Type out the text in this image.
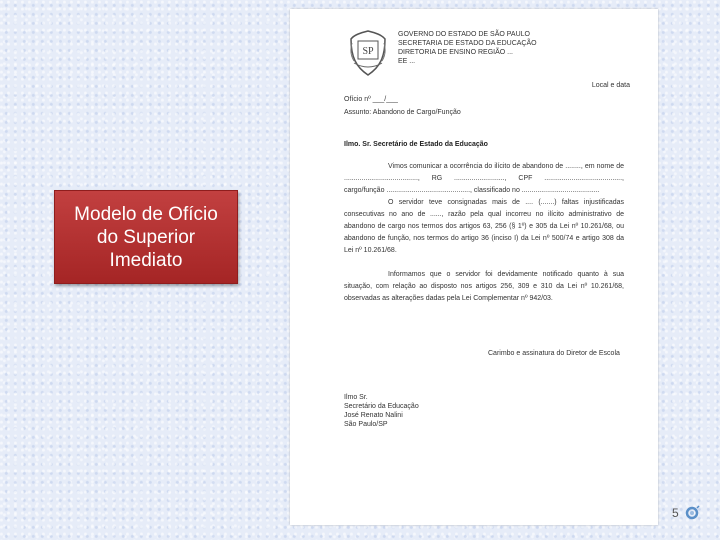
Modelo de Ofício
do Superior
Imediato
SP
GOVERNO DO ESTADO DE SÃO PAULO
SECRETARIA DE ESTADO DA EDUCAÇÃO
DIRETORIA DE ENSINO REGIÃO ...
EE ...
Local e data
Ofício nº ___/___
Assunto: Abandono de Cargo/Função
Ilmo. Sr. Secretário de Estado da Educação
Vimos comunicar a ocorrência do ilícito de abandono de ........, em nome de ......................................, RG .........................., CPF ........................................, cargo/função ..........................................., classificado no ........................................
O servidor teve consignadas mais de .... (.......) faltas injustificadas consecutivas no ano de ......, razão pela qual incorreu no ilícito administrativo de abandono de cargo nos termos dos artigos 63, 256 (§ 1º) e 305 da Lei nº 10.261/68, ou abandono de função, nos termos do artigo 36 (inciso I) da Lei nº 500/74 e artigo 308 da Lei nº 10.261/68.
Informamos que o servidor foi devidamente notificado quanto à sua situação, com relação ao disposto nos artigos 256, 309 e 310 da Lei nº 10.261/68, observadas as alterações dadas pela Lei Complementar nº 942/03.
Carimbo e assinatura do Diretor de Escola
Ilmo Sr.
Secretário da Educação
José Renato Nalini
São Paulo/SP
5
